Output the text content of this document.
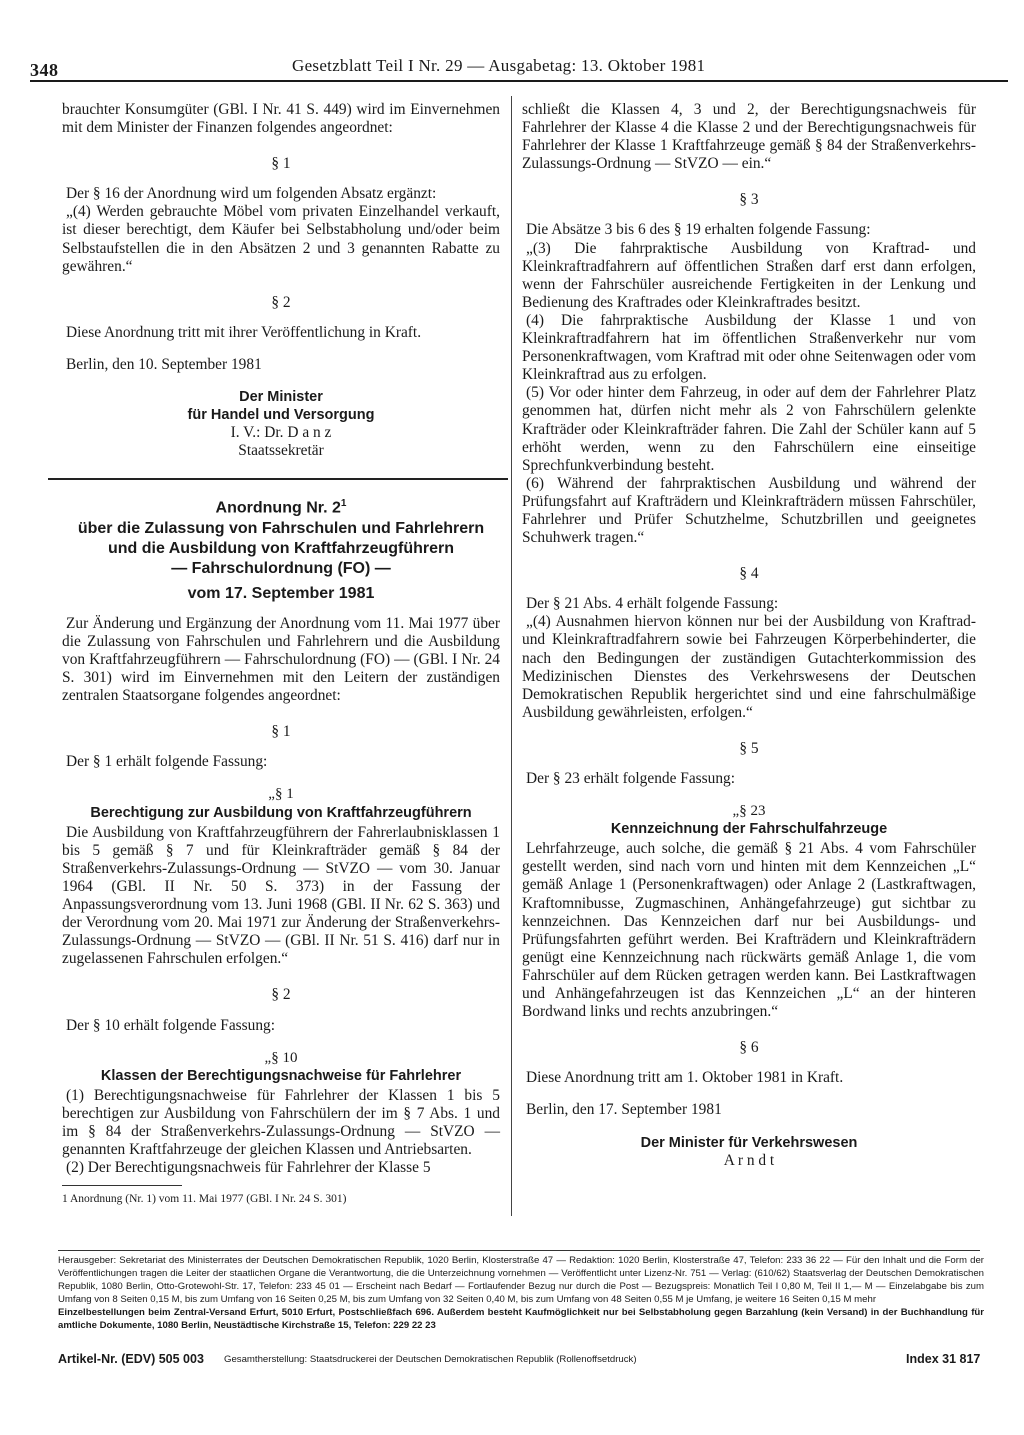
348	Gesetzblatt Teil I Nr. 29 — Ausgabetag: 13. Oktober 1981

brauchter Konsumgüter (GBl. I Nr. 41 S. 449) wird im Einvernehmen mit dem Minister der Finanzen folgendes angeordnet:

§ 1

Der § 16 der Anordnung wird um folgenden Absatz ergänzt:

„(4) Werden gebrauchte Möbel vom privaten Einzelhandel verkauft, ist dieser berechtigt, dem Käufer bei Selbstabholung und/oder beim Selbstaufstellen die in den Absätzen 2 und 3 genannten Rabatte zu gewähren.“

§ 2

Diese Anordnung tritt mit ihrer Veröffentlichung in Kraft.

Berlin, den 10. September 1981

Der Minister

für Handel und Versorgung

I. V.: Dr. D a n z

Staatssekretär

Anordnung Nr. $2^1$

über die Zulassung von Fahrschulen und Fahrlehrern

und die Ausbildung von Kraftfahrzeugführern

— Fahrschulordnung (FO) —

vom 17. September 1981

Zur Änderung und Ergänzung der Anordnung vom 11. Mai 1977 über die Zulassung von Fahrschulen und Fahrlehrern und die Ausbildung von Kraftfahrzeugführern — Fahrschulordnung (FO) — (GBl. I Nr. 24 S. 301) wird im Einvernehmen mit den Leitern der zuständigen zentralen Staatsorgane folgendes angeordnet:

§ 1

Der § 1 erhält folgende Fassung:

„§ 1

Berechtigung zur Ausbildung von Kraftfahrzeugführern

Die Ausbildung von Kraftfahrzeugführern der Fahrerlaubnisklassen 1 bis 5 gemäß § 7 und für Kleinkrafträder gemäß § 84 der Straßenverkehrs-Zulassungs-Ordnung — StVZO — vom 30. Januar 1964 (GBl. II Nr. 50 S. 373) in der Fassung der Anpassungsverordnung vom 13. Juni 1968 (GBl. II Nr. 62 S. 363) und der Verordnung vom 20. Mai 1971 zur Änderung der Straßenverkehrs-Zulassungs-Ordnung — StVZO — (GBl. II Nr. 51 S. 416) darf nur in zugelassenen Fahrschulen erfolgen.“

§ 2

Der § 10 erhält folgende Fassung:

„§ 10

Klassen der Berechtigungsnachweise für Fahrlehrer

(1) Berechtigungsnachweise für Fahrlehrer der Klassen 1 bis 5 berechtigen zur Ausbildung von Fahrschülern der im § 7 Abs. 1 und im § 84 der Straßenverkehrs-Zulassungs-Ordnung — StVZO — genannten Kraftfahrzeuge der gleichen Klassen und Antriebsarten.

(2) Der Berechtigungsnachweis für Fahrlehrer der Klasse 5

1 Anordnung (Nr. 1) vom 11. Mai 1977 (GBl. I Nr. 24 S. 301)

schließt die Klassen 4, 3 und 2, der Berechtigungsnachweis für Fahrlehrer der Klasse 4 die Klasse 2 und der Berechtigungsnachweis für Fahrlehrer der Klasse 1 Kraftfahrzeuge gemäß § 84 der Straßenverkehrs-Zulassungs-Ordnung — StVZO — ein.“

§ 3

Die Absätze 3 bis 6 des § 19 erhalten folgende Fassung:

„(3) Die fahrpraktische Ausbildung von Kraftrad- und Kleinkraftradfahrern auf öffentlichen Straßen darf erst dann erfolgen, wenn der Fahrschüler ausreichende Fertigkeiten in der Lenkung und Bedienung des Kraftrades oder Kleinkraftrades besitzt.

(4) Die fahrpraktische Ausbildung der Klasse 1 und von Kleinkraftradfahrern hat im öffentlichen Straßenverkehr nur vom Personenkraftwagen, vom Kraftrad mit oder ohne Seitenwagen oder vom Kleinkraftrad aus zu erfolgen.

(5) Vor oder hinter dem Fahrzeug, in oder auf dem der Fahrlehrer Platz genommen hat, dürfen nicht mehr als 2 von Fahrschülern gelenkte Krafträder oder Kleinkrafträder fahren. Die Zahl der Schüler kann auf 5 erhöht werden, wenn zu den Fahrschülern eine einseitige Sprechfunkverbindung besteht.

(6) Während der fahrpraktischen Ausbildung und während der Prüfungsfahrt auf Krafträdern und Kleinkrafträdern müssen Fahrschüler, Fahrlehrer und Prüfer Schutzhelme, Schutzbrillen und geeignetes Schuhwerk tragen.“

§ 4

Der § 21 Abs. 4 erhält folgende Fassung:

„(4) Ausnahmen hiervon können nur bei der Ausbildung von Kraftrad- und Kleinkraftradfahrern sowie bei Fahrzeugen Körperbehinderter, die nach den Bedingungen der zuständigen Gutachterkommission des Medizinischen Dienstes des Verkehrswesens der Deutschen Demokratischen Republik hergerichtet sind und eine fahrschulmäßige Ausbildung gewährleisten, erfolgen.“

§ 5

Der § 23 erhält folgende Fassung:

„§ 23

Kennzeichnung der Fahrschulfahrzeuge

Lehrfahrzeuge, auch solche, die gemäß § 21 Abs. 4 vom Fahrschüler gestellt werden, sind nach vorn und hinten mit dem Kennzeichen „L“ gemäß Anlage 1 (Personenkraftwagen) oder Anlage 2 (Lastkraftwagen, Kraftomnibusse, Zugmaschinen, Anhängefahrzeuge) gut sichtbar zu kennzeichnen. Das Kennzeichen darf nur bei Ausbildungs- und Prüfungsfahrten geführt werden. Bei Krafträdern und Kleinkrafträdern genügt eine Kennzeichnung nach rückwärts gemäß Anlage 1, die vom Fahrschüler auf dem Rücken getragen werden kann. Bei Lastkraftwagen und Anhängefahrzeugen ist das Kennzeichen „L“ an der hinteren Bordwand links und rechts anzubringen.“

§ 6

Diese Anordnung tritt am 1. Oktober 1981 in Kraft.

Berlin, den 17. September 1981

Der Minister für Verkehrswesen

A r n d t

Herausgeber: Sekretariat des Ministerrates der Deutschen Demokratischen Republik, 1020 Berlin, Klosterstraße 47 — Redaktion: 1020 Berlin, Klosterstraße 47, Telefon: 233 36 22 — Für den Inhalt und die Form der Veröffentlichungen tragen die Leiter der staatlichen Organe die Verantwortung, die die Unterzeichnung vornehmen — Veröffentlicht unter Lizenz-Nr. 751 — Verlag: (610/62) Staatsverlag der Deutschen Demokratischen Republik, 1080 Berlin, Otto-Grotewohl-Str. 17, Telefon: 233 45 01 — Erscheint nach Bedarf — Fortlaufender Bezug nur durch die Post — Bezugspreis: Monatlich Teil I 0,80 M, Teil II 1,— M — Einzelabgabe bis zum Umfang von 8 Seiten 0,15 M, bis zum Umfang von 16 Seiten 0,25 M, bis zum Umfang von 32 Seiten 0,40 M, bis zum Umfang von 48 Seiten 0,55 M je Umfang, je weitere 16 Seiten 0,15 M mehr
Einzelbestellungen beim Zentral-Versand Erfurt, 5010 Erfurt, Postschließfach 696. Außerdem besteht Kaufmöglichkeit nur bei Selbstabholung gegen Barzahlung (kein Versand) in der Buchhandlung für amtliche Dokumente, 1080 Berlin, Neustädtische Kirchstraße 15, Telefon: 229 22 23
Artikel-Nr. (EDV) 505 003 Gesamtherstellung: Staatsdruckerei der Deutschen Demokratischen Republik (Rollenoffsetdruck)	Index 31 817
